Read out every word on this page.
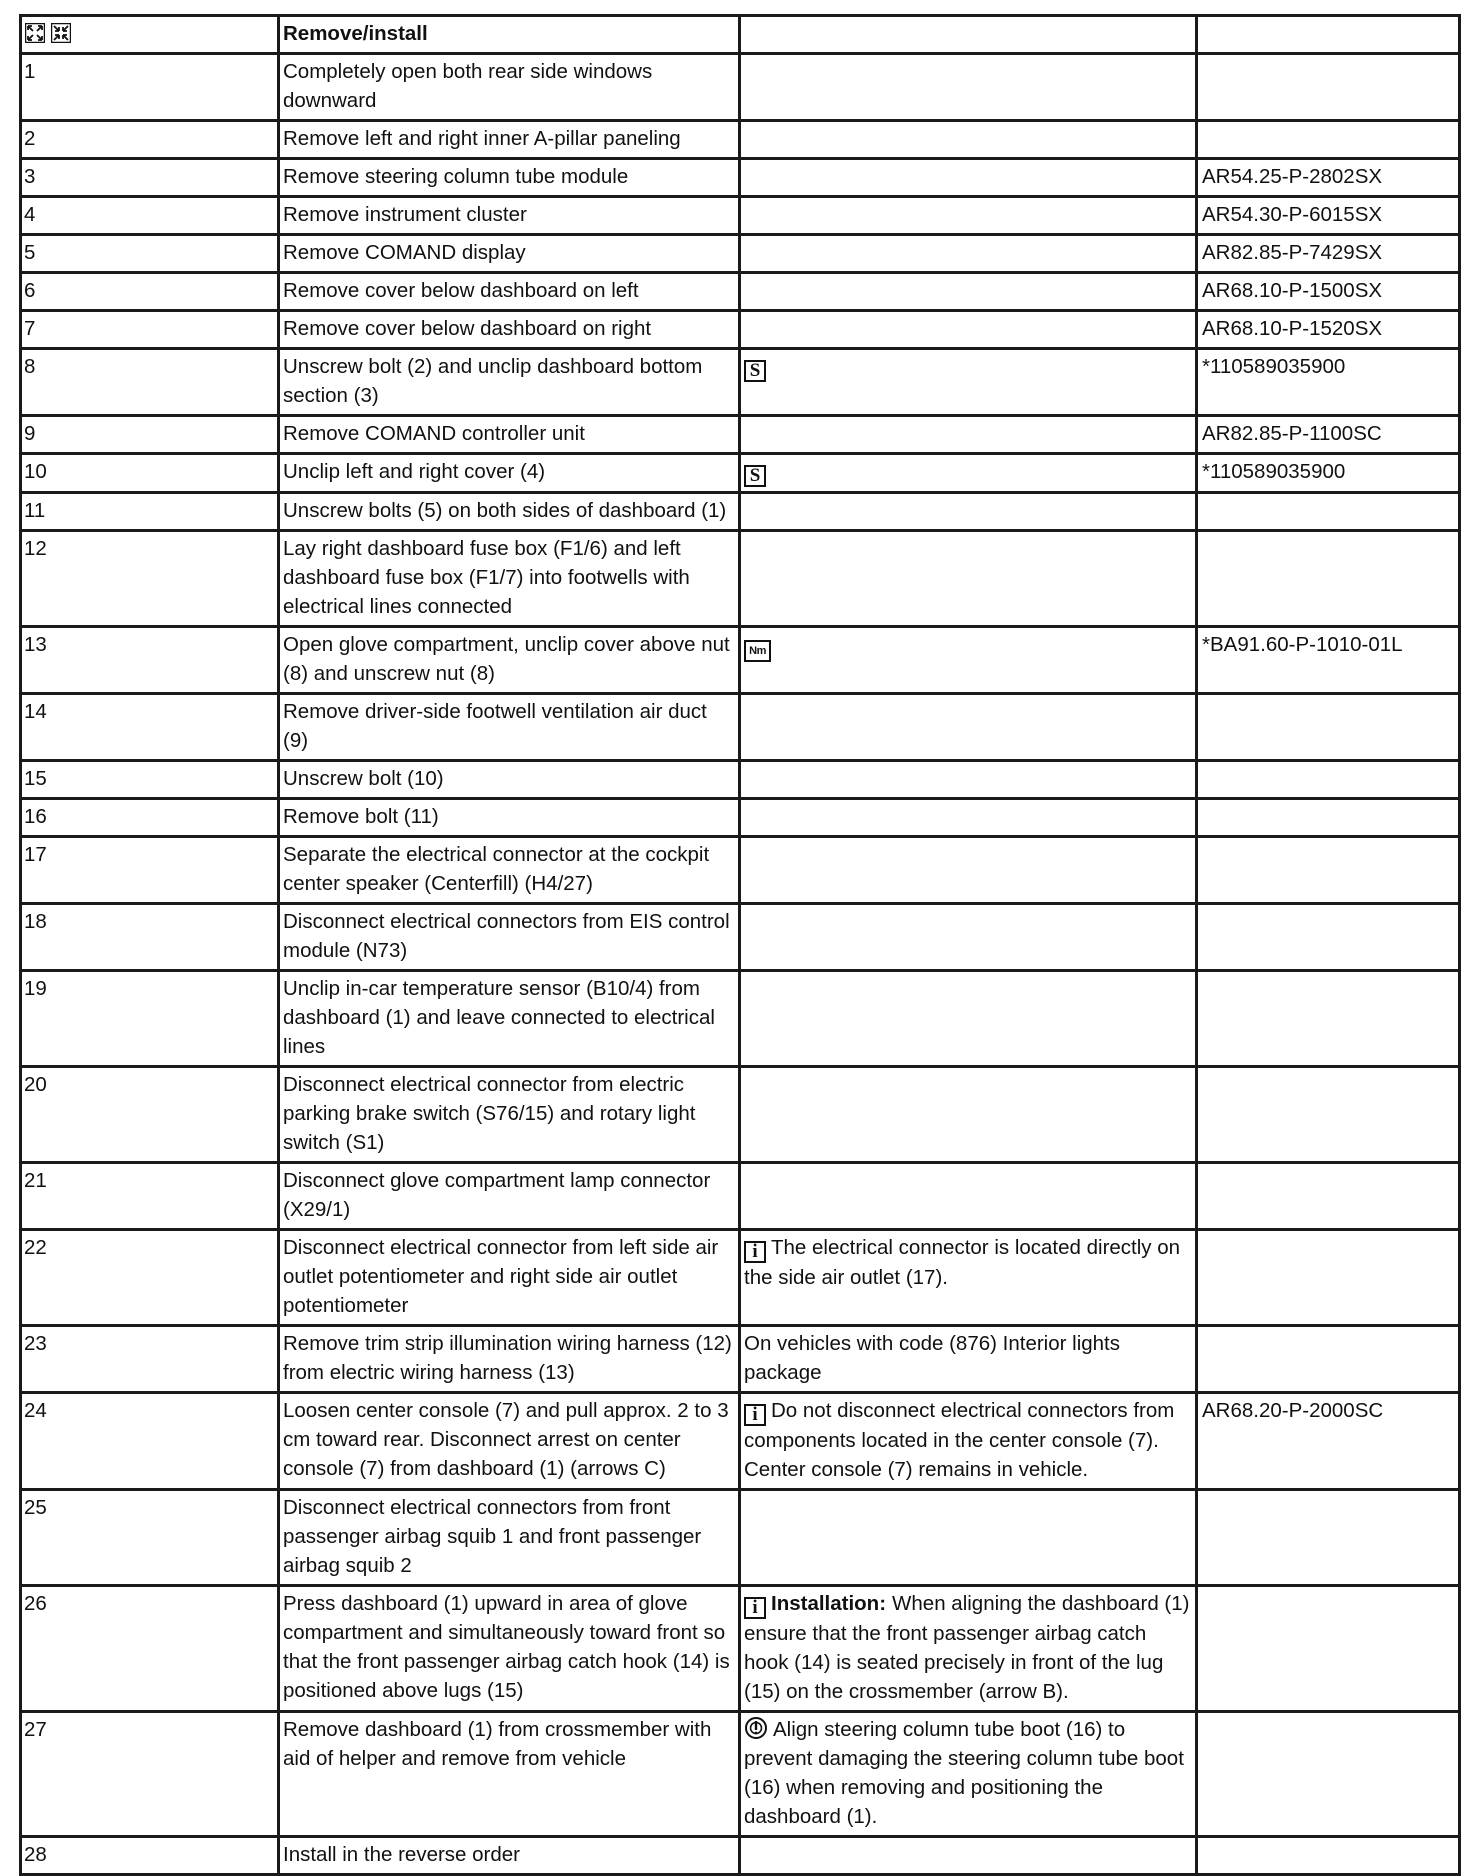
	Remove/install		
1	Completely open both rear side windows downward		
2	Remove left and right inner A-pillar paneling		
3	Remove steering column tube module		AR54.25-P-2802SX
4	Remove instrument cluster		AR54.30-P-6015SX
5	Remove COMAND display		AR82.85-P-7429SX
6	Remove cover below dashboard on left		AR68.10-P-1500SX
7	Remove cover below dashboard on right		AR68.10-P-1520SX
8	Unscrew bolt (2) and unclip dashboard bottom section (3)	S	*110589035900
9	Remove COMAND controller unit		AR82.85-P-1100SC
10	Unclip left and right cover (4)	S	*110589035900
11	Unscrew bolts (5) on both sides of dashboard (1)		
12	Lay right dashboard fuse box (F1/6) and left dashboard fuse box (F1/7) into footwells with electrical lines connected		
13	Open glove compartment, unclip cover above nut (8) and unscrew nut (8)	Nm	*BA91.60-P-1010-01L
14	Remove driver-side footwell ventilation air duct (9)		
15	Unscrew bolt (10)		
16	Remove bolt (11)		
17	Separate the electrical connector at the cockpit center speaker (Centerfill) (H4/27)		
18	Disconnect electrical connectors from EIS control module (N73)		
19	Unclip in-car temperature sensor (B10/4) from dashboard (1) and leave connected to electrical lines		
20	Disconnect electrical connector from electric parking brake switch (S76/15) and rotary light switch (S1)		
21	Disconnect glove compartment lamp connector (X29/1)		
22	Disconnect electrical connector from left side air outlet potentiometer and right side air outlet potentiometer	i The electrical connector is located directly on the side air outlet (17).	
23	Remove trim strip illumination wiring harness (12) from electric wiring harness (13)	On vehicles with code (876) Interior lights package	
24	Loosen center console (7) and pull approx. 2 to 3 cm toward rear. Disconnect arrest on center console (7) from dashboard (1) (arrows C)	i Do not disconnect electrical connectors from components located in the center console (7). Center console (7) remains in vehicle.	AR68.20-P-2000SC
25	Disconnect electrical connectors from front passenger airbag squib 1 and front passenger airbag squib 2		
26	Press dashboard (1) upward in area of glove compartment and simultaneously toward front so that the front passenger airbag catch hook (14) is positioned above lugs (15)	i Installation: When aligning the dashboard (1) ensure that the front passenger airbag catch hook (14) is seated precisely in front of the lug (15) on the crossmember (arrow B).	
27	Remove dashboard (1) from crossmember with aid of helper and remove from vehicle	Align steering column tube boot (16) to prevent damaging the steering column tube boot (16) when removing and positioning the dashboard (1).	
28	Install in the reverse order		
